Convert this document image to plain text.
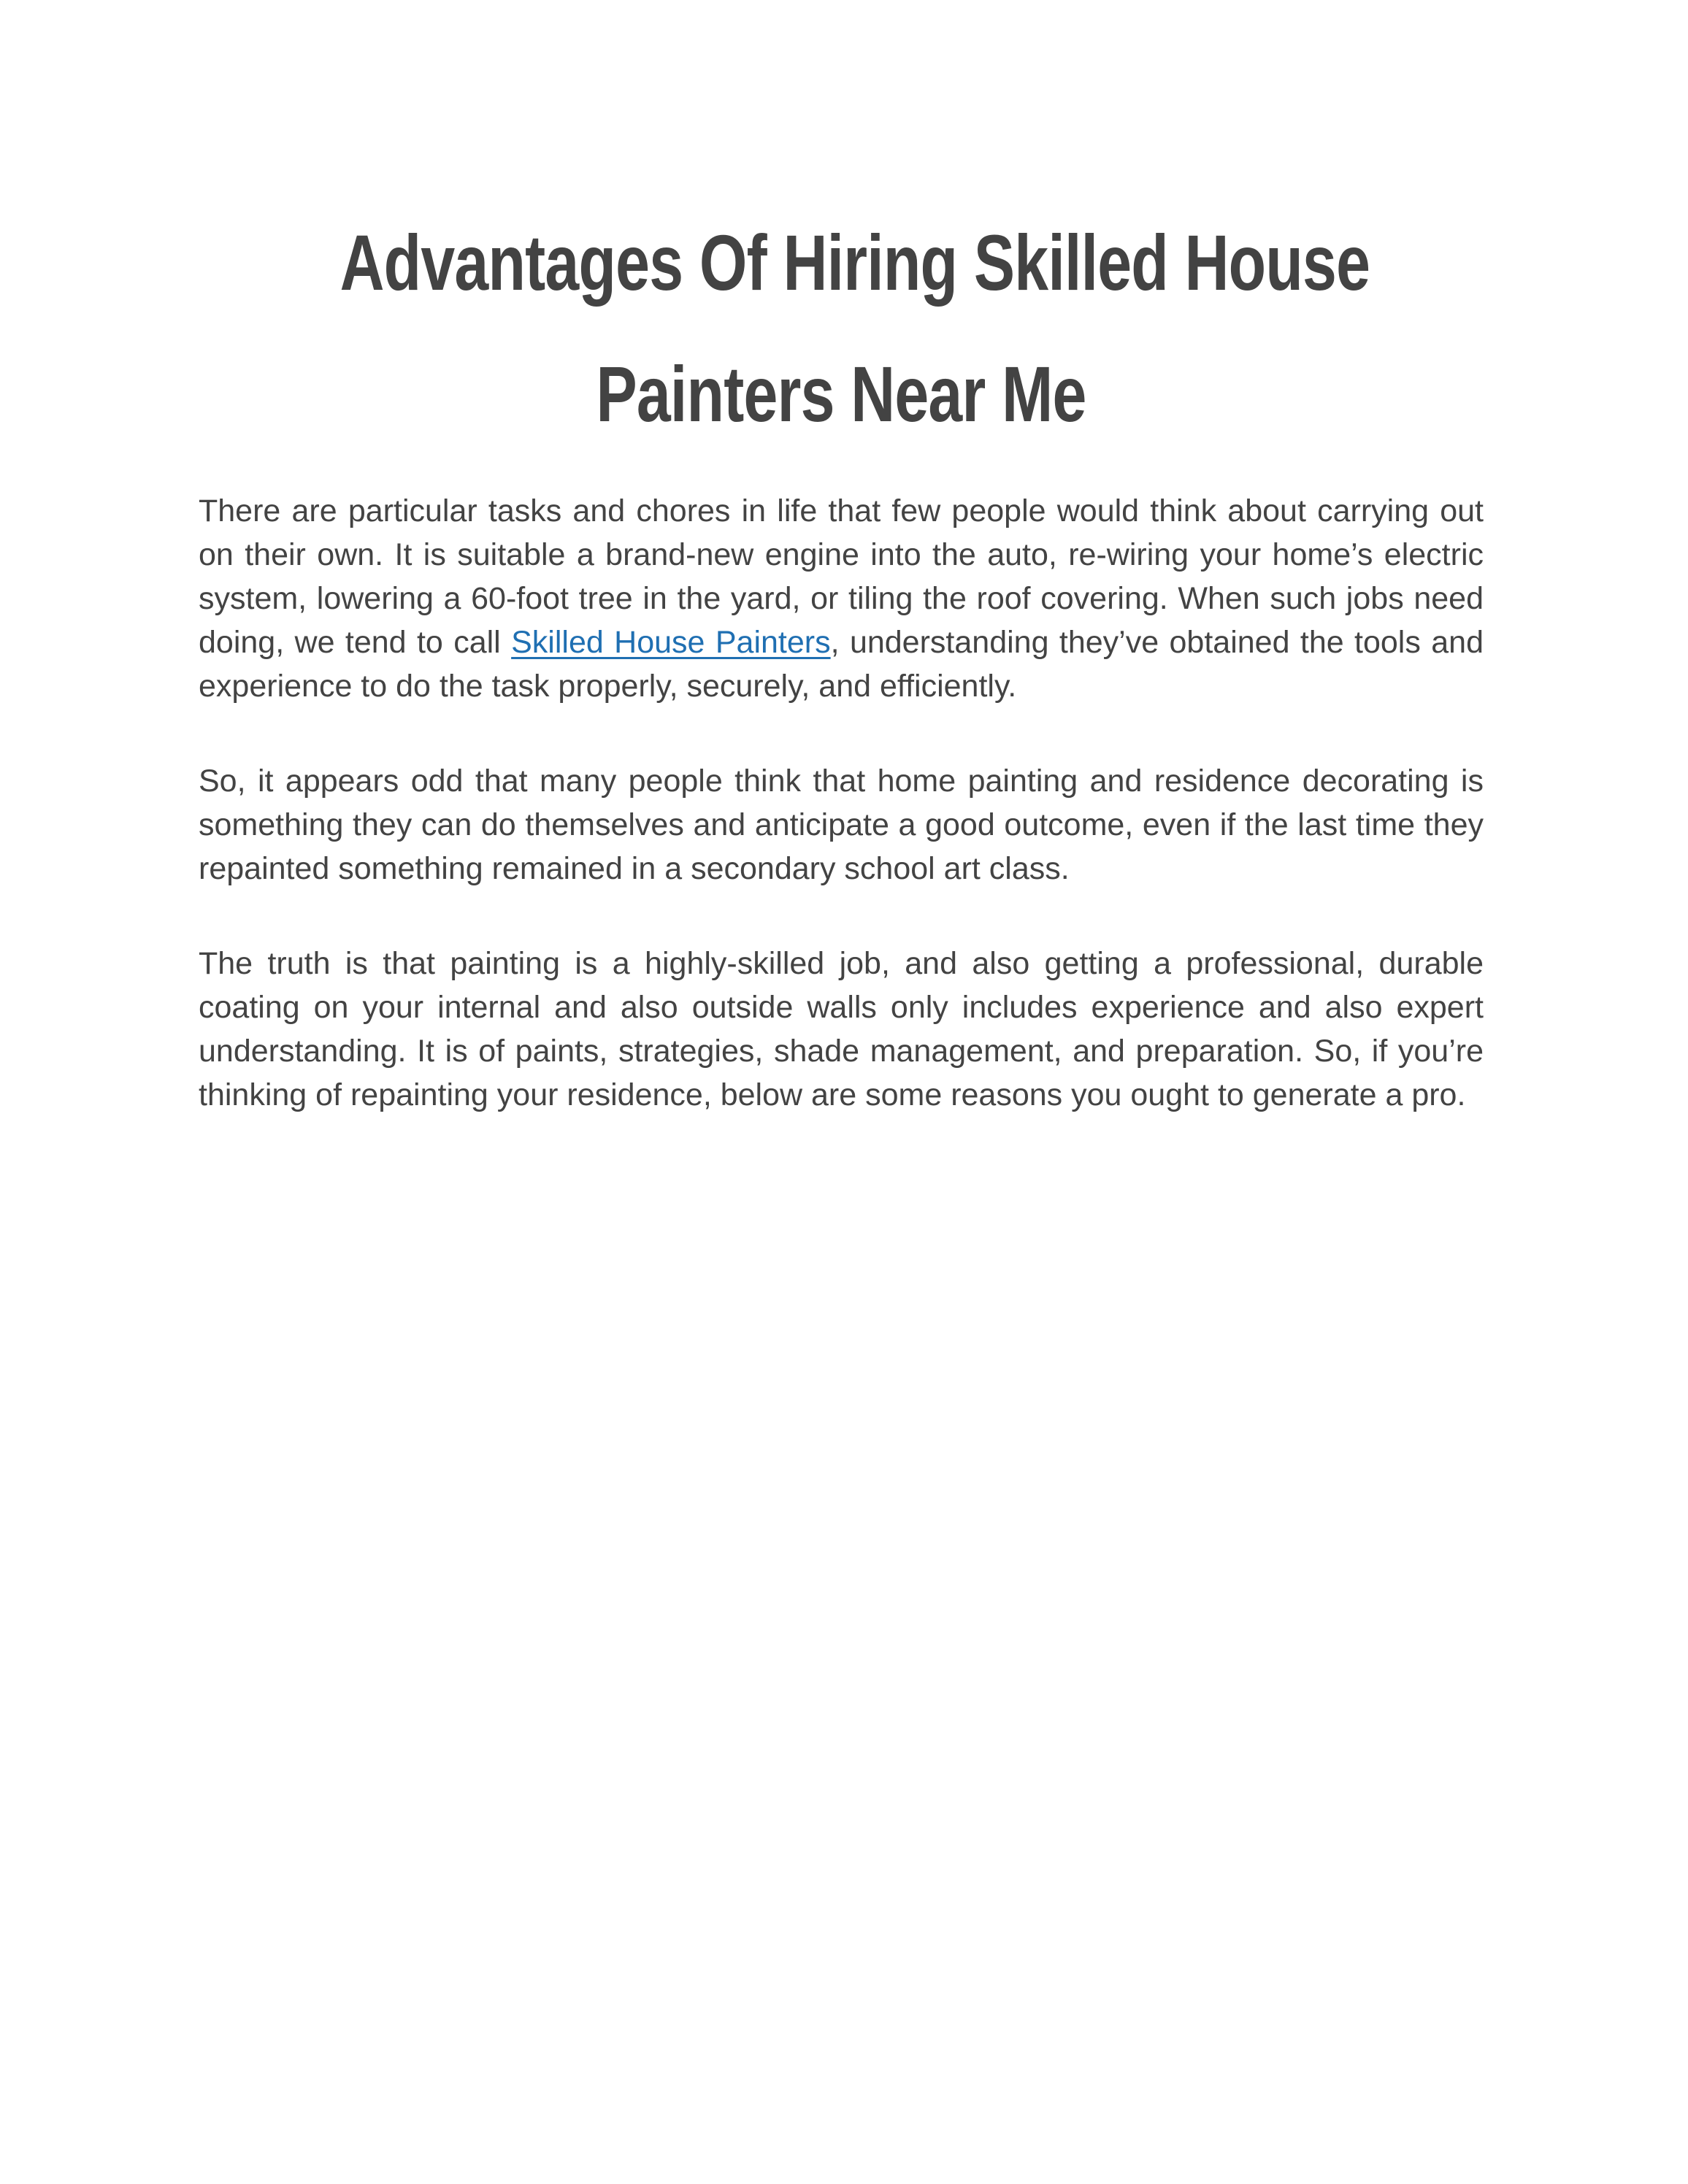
Advantages Of Hiring Skilled House
Painters Near Me

There are particular tasks and chores in life that few people would think about carrying out on their own. It is suitable a brand-new engine into the auto, re-wiring your home’s electric system, lowering a 60-foot tree in the yard, or tiling the roof covering. When such jobs need doing, we tend to call Skilled House Painters, understanding they’ve obtained the tools and experience to do the task properly, securely, and efficiently.

So, it appears odd that many people think that home painting and residence decorating is something they can do themselves and anticipate a good outcome, even if the last time they repainted something remained in a secondary school art class.

The truth is that painting is a highly-skilled job, and also getting a professional, durable coating on your internal and also outside walls only includes experience and also expert understanding. It is of paints, strategies, shade management, and preparation. So, if you’re thinking of repainting your residence, below are some reasons you ought to generate a pro.
